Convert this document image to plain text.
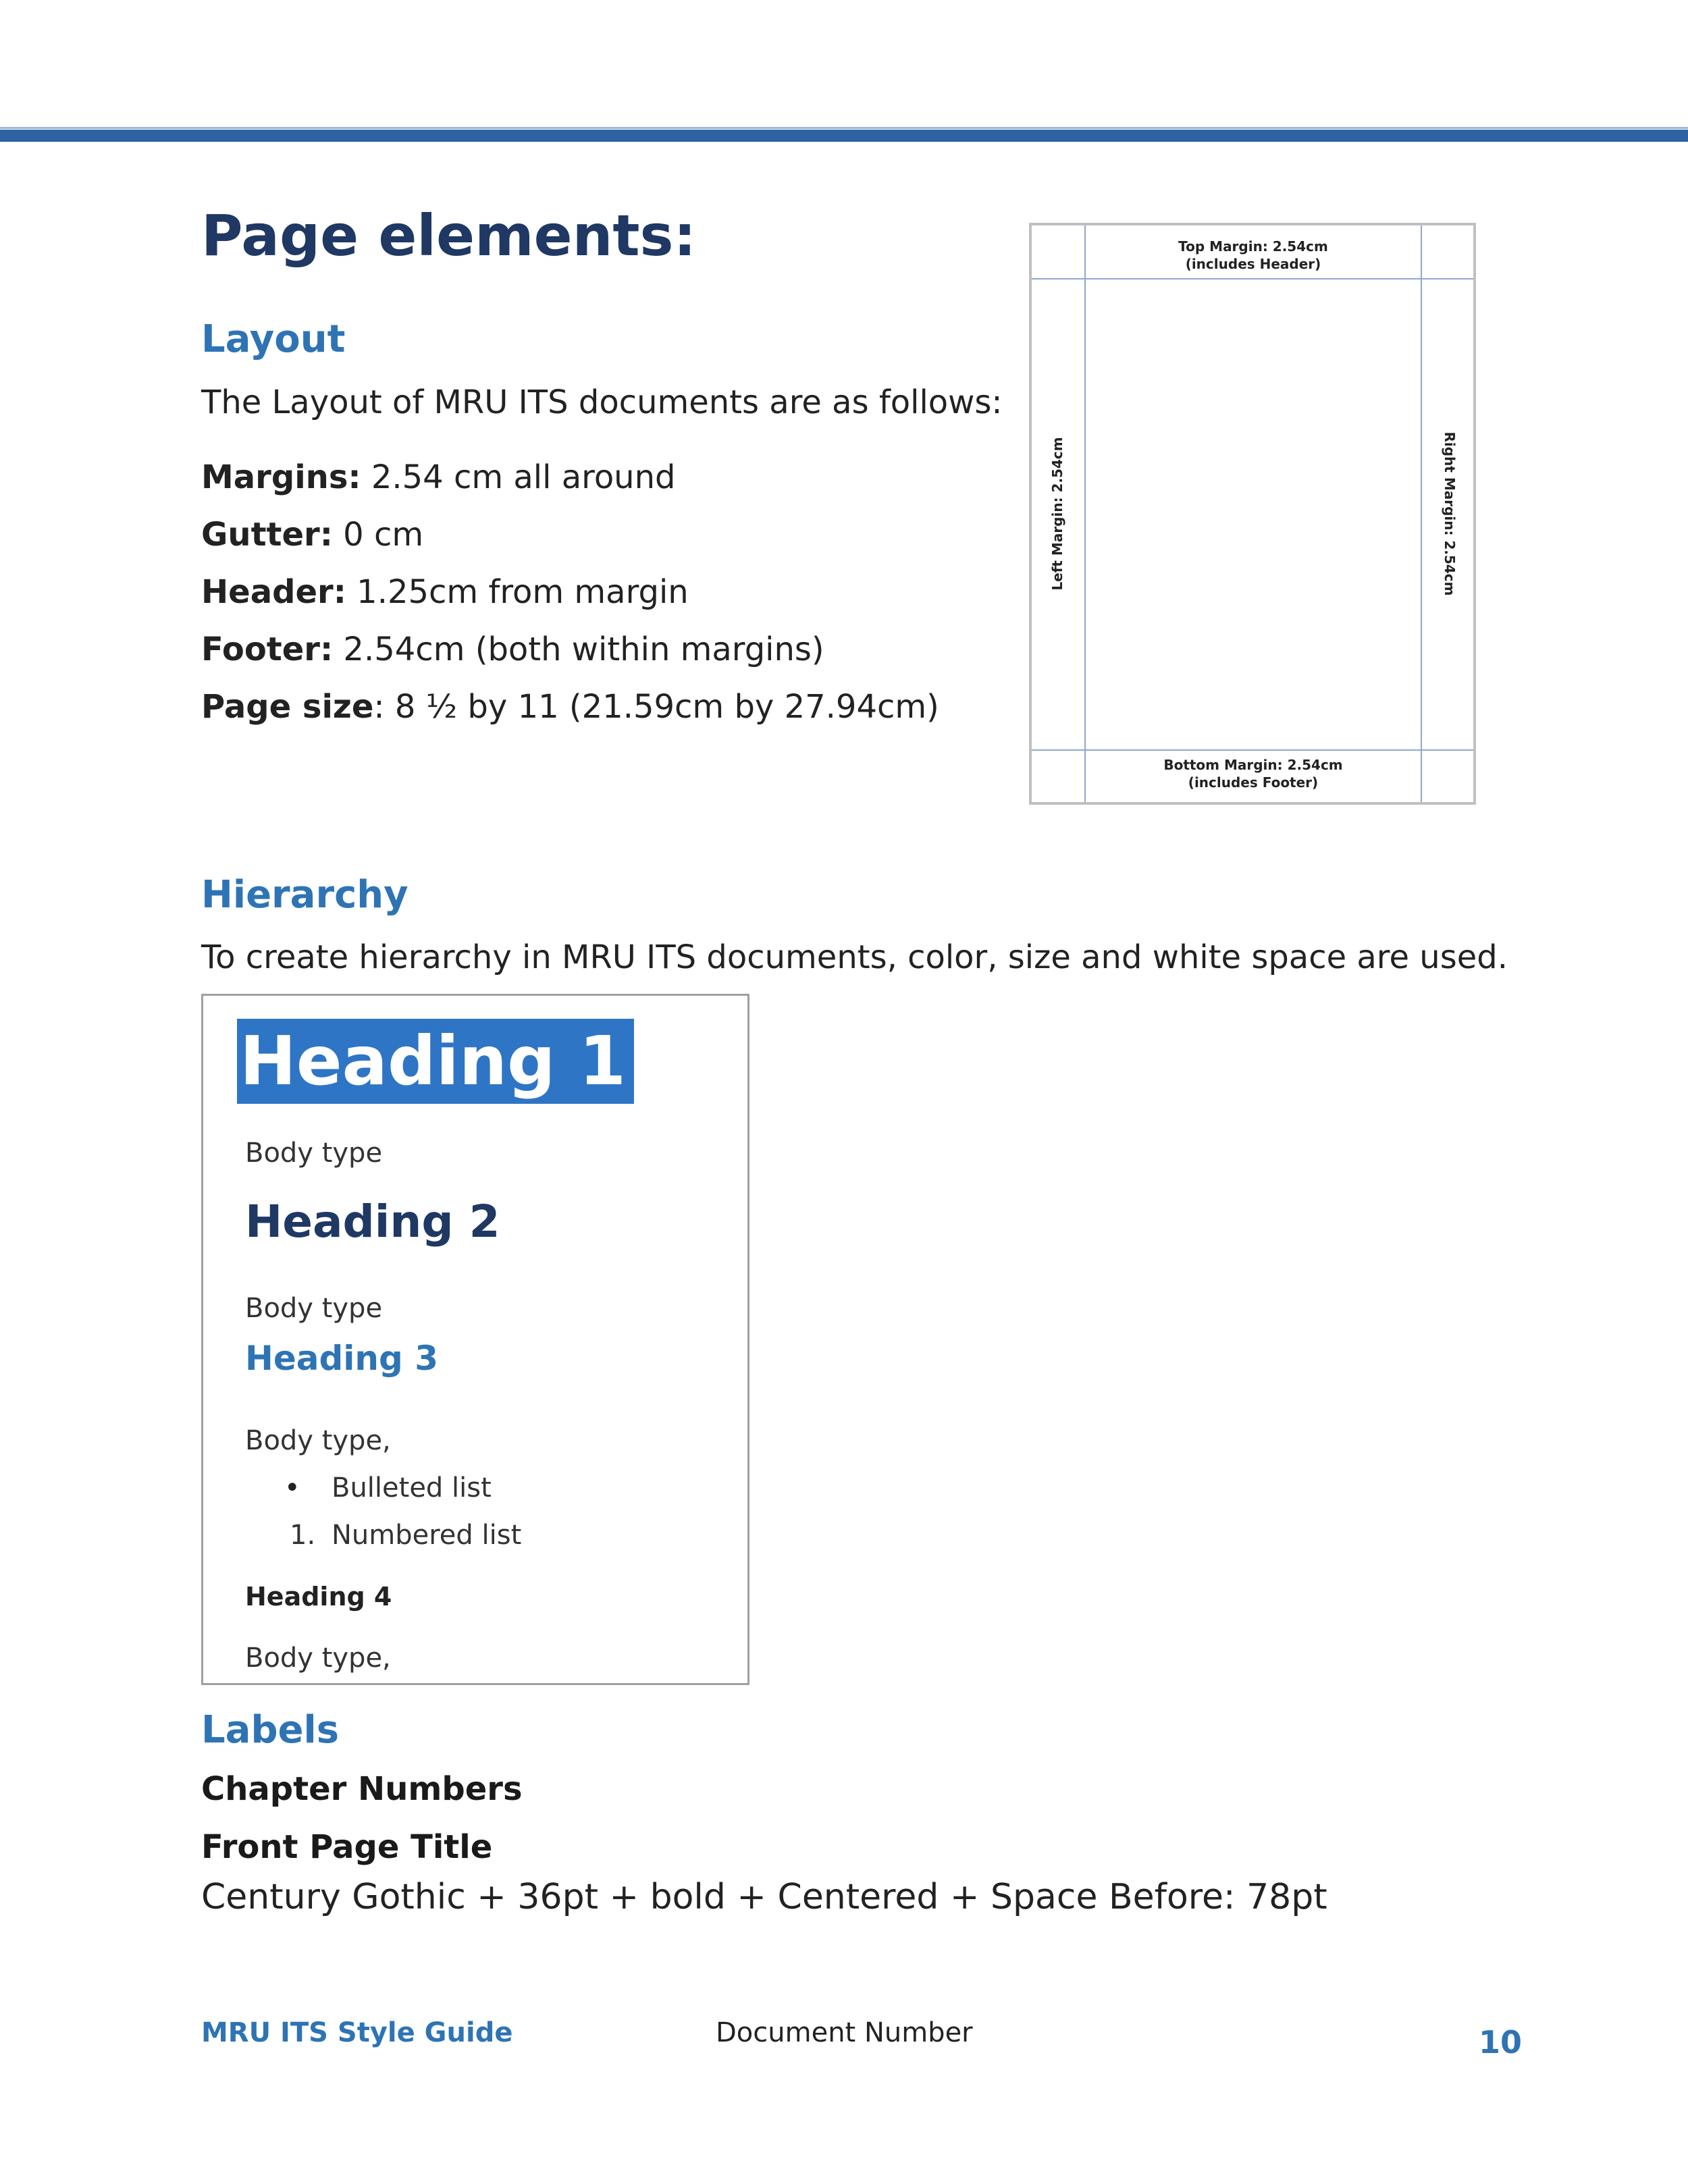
Page elements:
Layout
The Layout of MRU ITS documents are as follows:
Margins: 2.54 cm all around
Gutter: 0 cm
Header: 1.25cm from margin
Footer: 2.54cm (both within margins)
Page size: 8 ½ by 11 (21.59cm by 27.94cm)
Top Margin: 2.54cm
(includes Header)
Bottom Margin: 2.54cm
(includes Footer)
Left Margin: 2.54cm	Right Margin: 2.54cm
Hierarchy
To create hierarchy in MRU ITS documents, color, size and white space are used.
Heading 1
Body type
Heading 2
Body type
Heading 3
Body type,
• Bulleted list
1. Numbered list
Heading 4
Body type,
Labels
Chapter Numbers
Front Page Title
Century Gothic + 36pt + bold + Centered + Space Before: 78pt
MRU ITS Style Guide	Document Number	10
